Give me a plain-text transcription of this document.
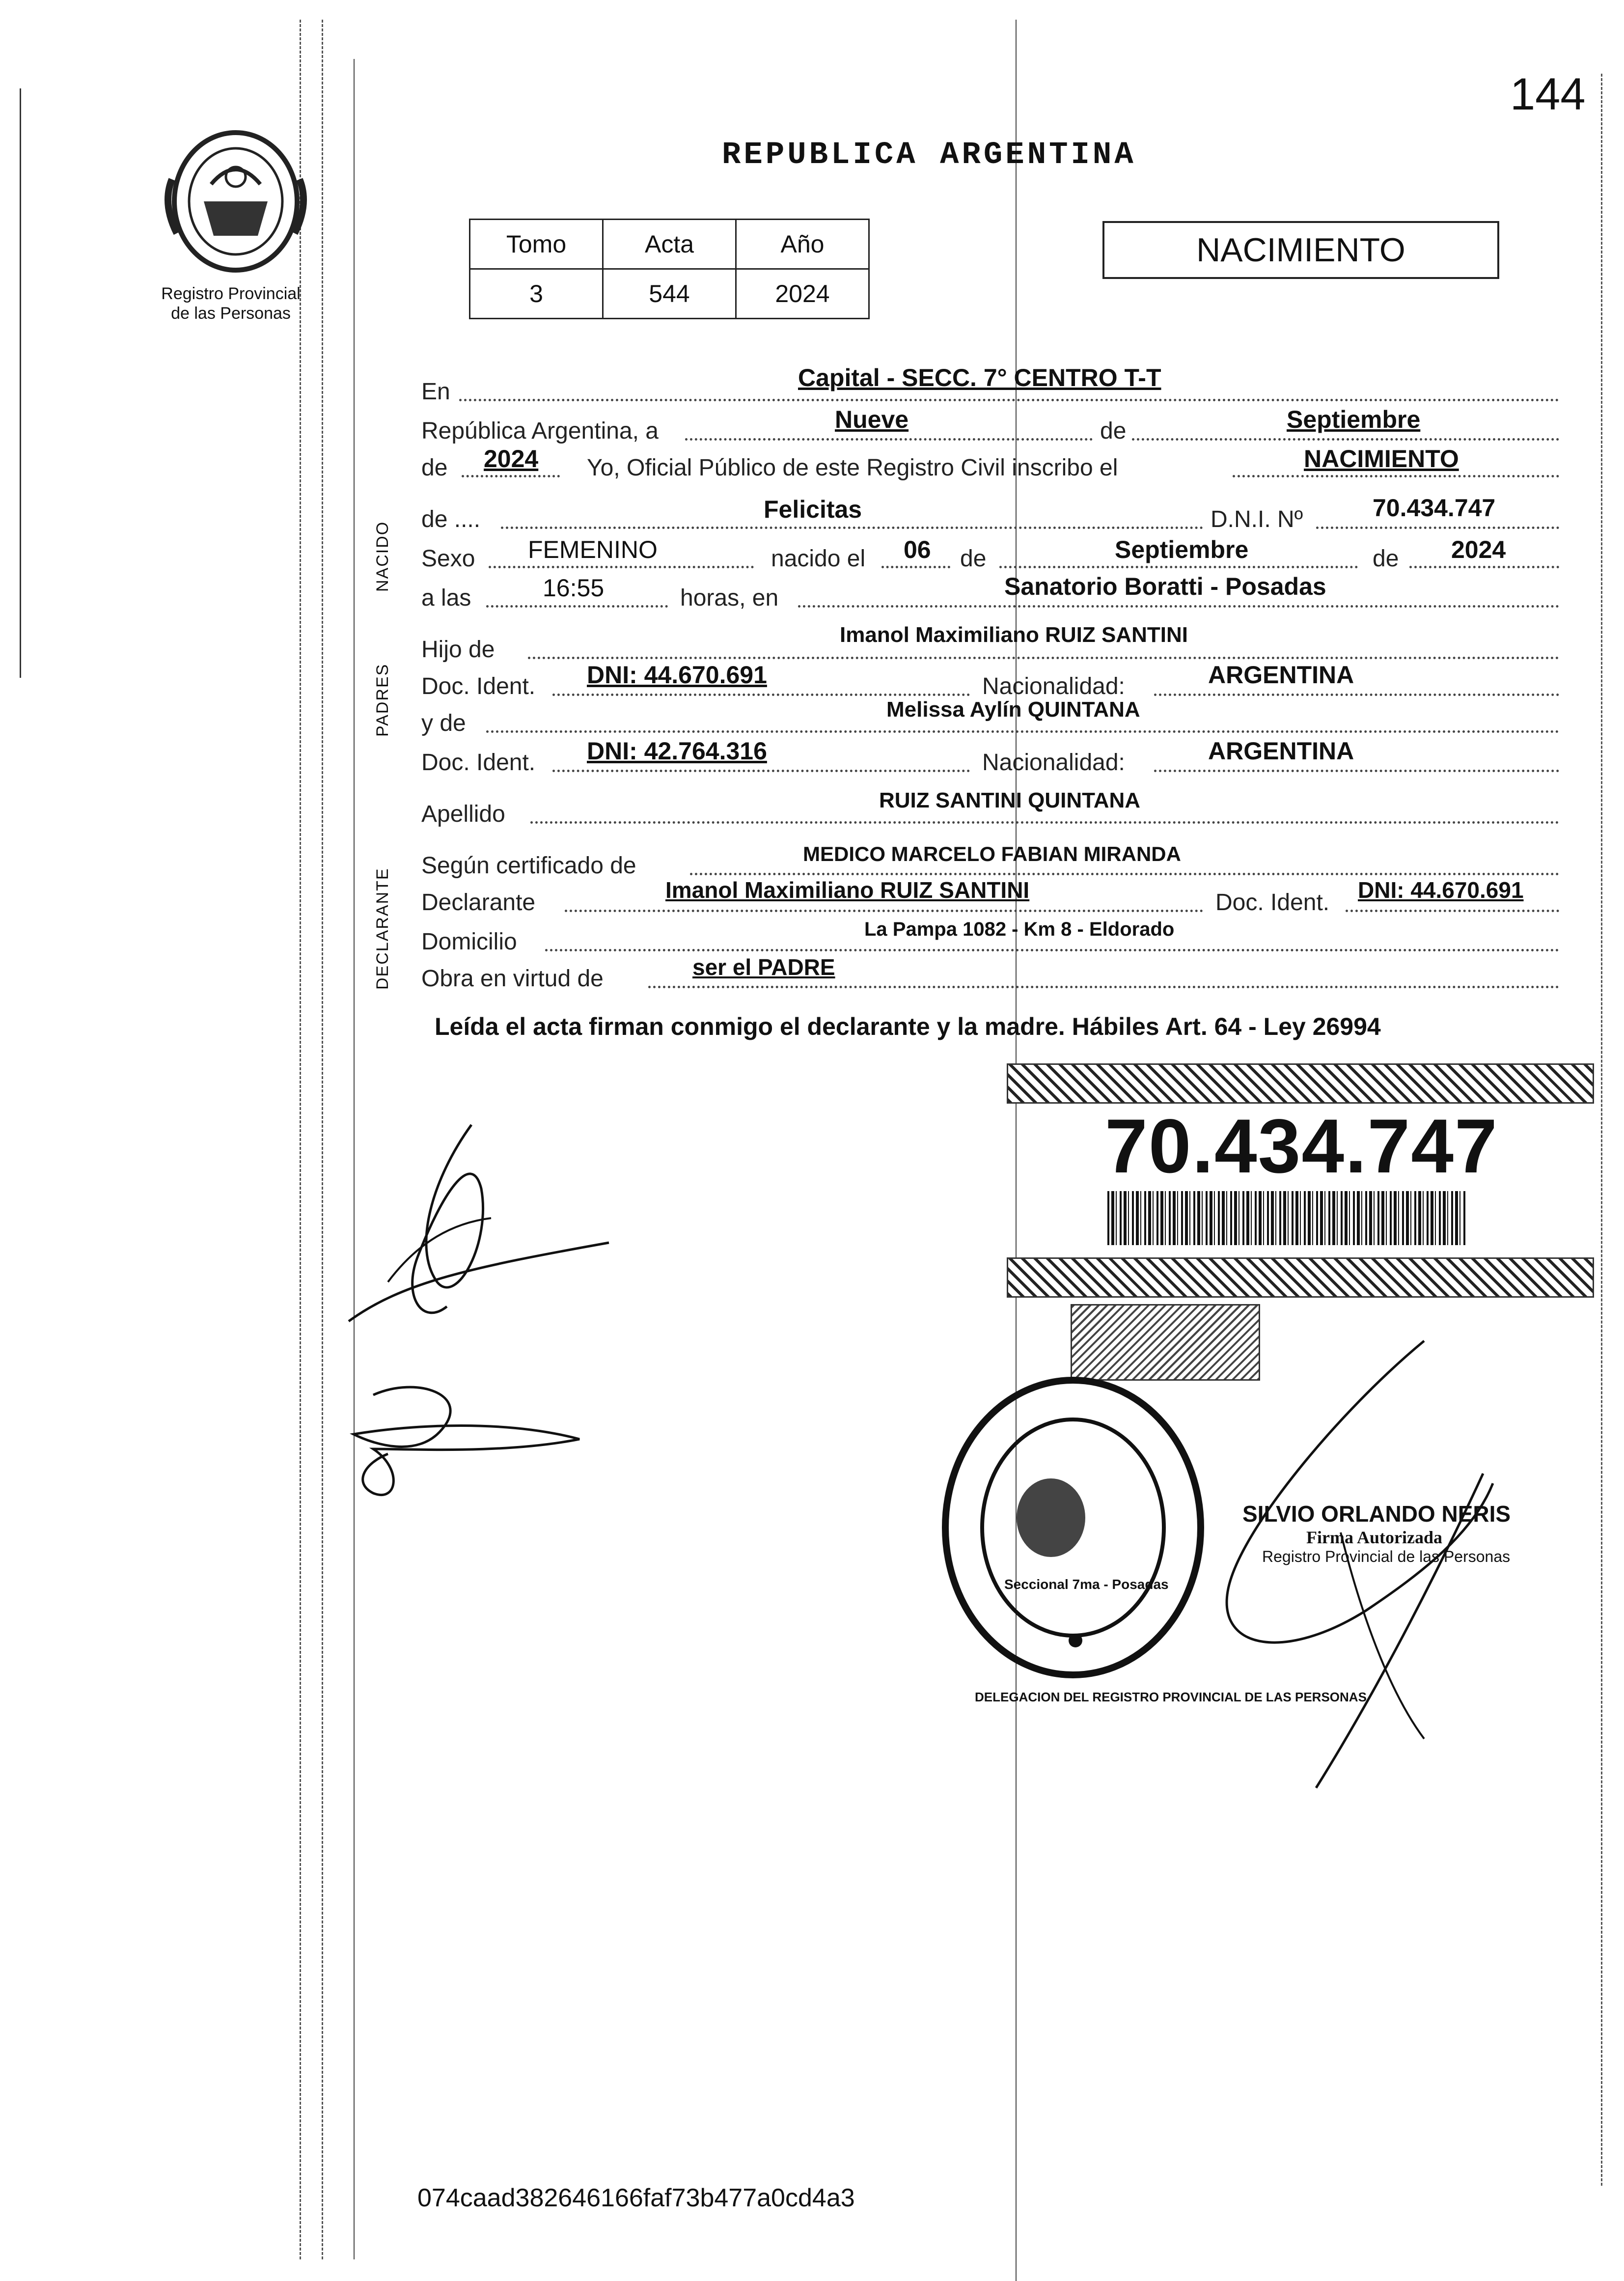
Registro Provincial
de las Personas
144
REPUBLICA ARGENTINA
Tomo	Acta	Año
3	544	2024
NACIMIENTO
NACIDO
PADRES
DECLARANTE
En
Capital - SECC. 7° CENTRO T-T
República Argentina, a	Nueve	de	Septiembre
de 2024 Yo, Oficial Público de este Registro Civil inscribo el	NACIMIENTO
de ....	Felicitas	D.N.I. Nº	70.434.747
Sexo FEMENINO	nacido el 06 de	Septiembre	de 2024
a las	16:55	horas, en	Sanatorio Boratti - Posadas
Hijo de
Imanol Maximiliano RUIZ SANTINI
Doc. Ident. DNI: 44.670.691	Nacionalidad:	ARGENTINA
y de
Melissa Aylín QUINTANA
Doc. Ident. DNI: 42.764.316	Nacionalidad:	ARGENTINA
Apellido
RUIZ SANTINI QUINTANA
Según certificado de	MEDICO MARCELO FABIAN MIRANDA
Declarante	Imanol Maximiliano RUIZ SANTINI	Doc. Ident. DNI: 44.670.691
Domicilio	La Pampa 1082 - Km 8 - Eldorado
Obra en virtud de	ser el PADRE
Leída el acta firman conmigo el declarante y la madre. Hábiles Art. 64 - Ley 26994
70.434.747
DELEGACION DEL REGISTRO PROVINCIAL DE LAS PERSONAS
Seccional 7ma - Posadas
SILVIO ORLANDO NERIS
Firma Autorizada
Registro Provincial de las Personas
074caad382646166faf73b477a0cd4a3
